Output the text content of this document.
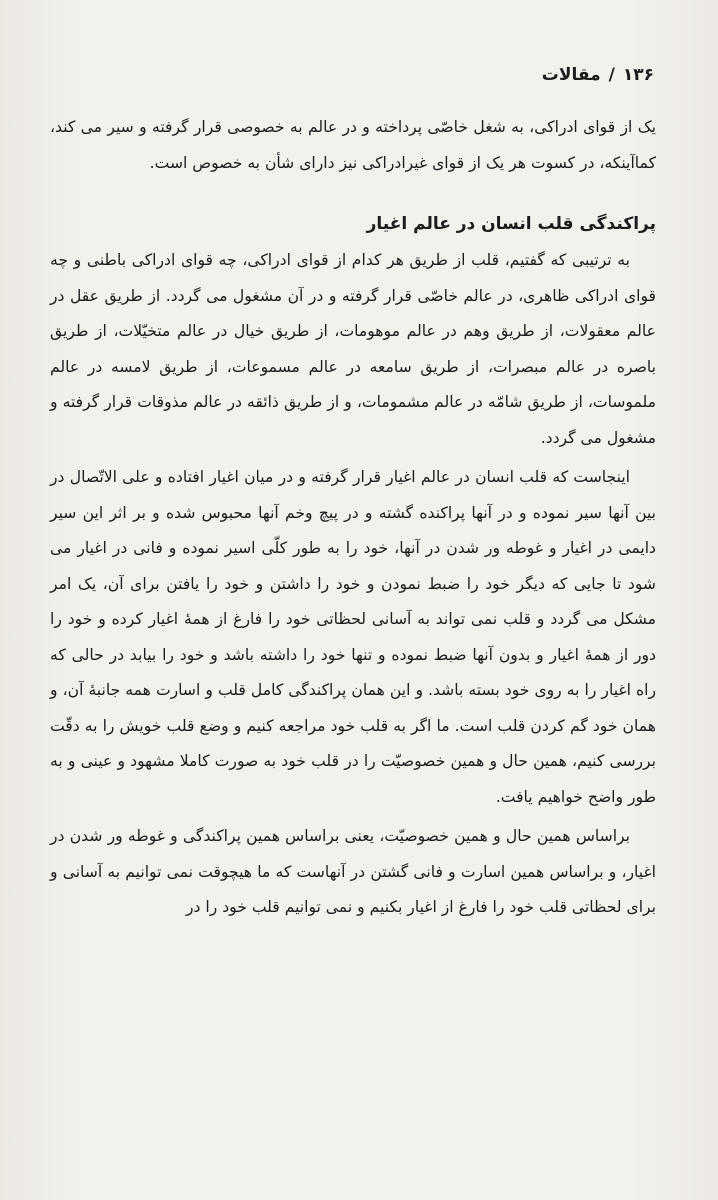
۱۳۶
/
مقالات

یک از قوای ادراکی، به شغل خاصّی پرداخته و در عالم به خصوصی قرار گرفته و سیر می کند، کماآینکه، در کسوت هر یک از قوای غیرادراکی نیز دارای شأن به خصوص است.

پراکندگی قلب انسان در عالم اغیار

به ترتیبی که گفتیم، قلب از طریق هر کدام از قوای ادراکی، چه قوای ادراکی باطنی و چه قوای ادراکی ظاهری، در عالم خاصّی قرار گرفته و در آن مشغول می گردد. از طریق عقل در عالم معقولات، از طریق وهم در عالم موهومات، از طریق خیال در عالم متخیّلات، از طریق باصره در عالم مبصرات، از طریق سامعه در عالم مسموعات، از طریق لامسه در عالم ملموسات، از طریق شامّه در عالم مشمومات، و از طریق ذائقه در عالم مذوقات قرار گرفته و مشغول می گردد.

اینجاست که قلب انسان در عالم اغیار قرار گرفته و در میان اغیار افتاده و علی الاتّصال در بین آنها سیر نموده و در آنها پراکنده گشته و در پیچ وخم آنها محبوس شده و بر اثر این سیر دایمی در اغیار و غوطه ور شدن در آنها، خود را به طور کلّی اسیر نموده و فانی در اغیار می شود تا جایی که دیگر خود را ضبط نمودن و خود را داشتن و خود را یافتن برای آن، یک امر مشکل می گردد و قلب نمی تواند به آسانی لحظاتی خود را فارغ از همهٔ اغیار کرده و خود را دور از همهٔ اغیار و بدون آنها ضبط نموده و تنها خود را داشته باشد و خود را بیابد در حالی که راه اغیار را به روی خود بسته باشد. و این همان پراکندگی کامل قلب و اسارت همه جانبهٔ آن، و همان خود گم کردن قلب است. ما اگر به قلب خود مراجعه کنیم و وضع قلب خویش را به دقّت بررسی کنیم، همین حال و همین خصوصیّت را در قلب خود به صورت کاملا مشهود و عینی و به طور واضح خواهیم یافت.

براساس همین حال و همین خصوصیّت، یعنی براساس همین پراکندگی و غوطه ور شدن در اغیار، و براساس همین اسارت و فانی گشتن در آنهاست که ما هیچوقت نمی توانیم به آسانی و برای لحظاتی قلب خود را فارغ از اغیار بکنیم و نمی توانیم قلب خود را در
